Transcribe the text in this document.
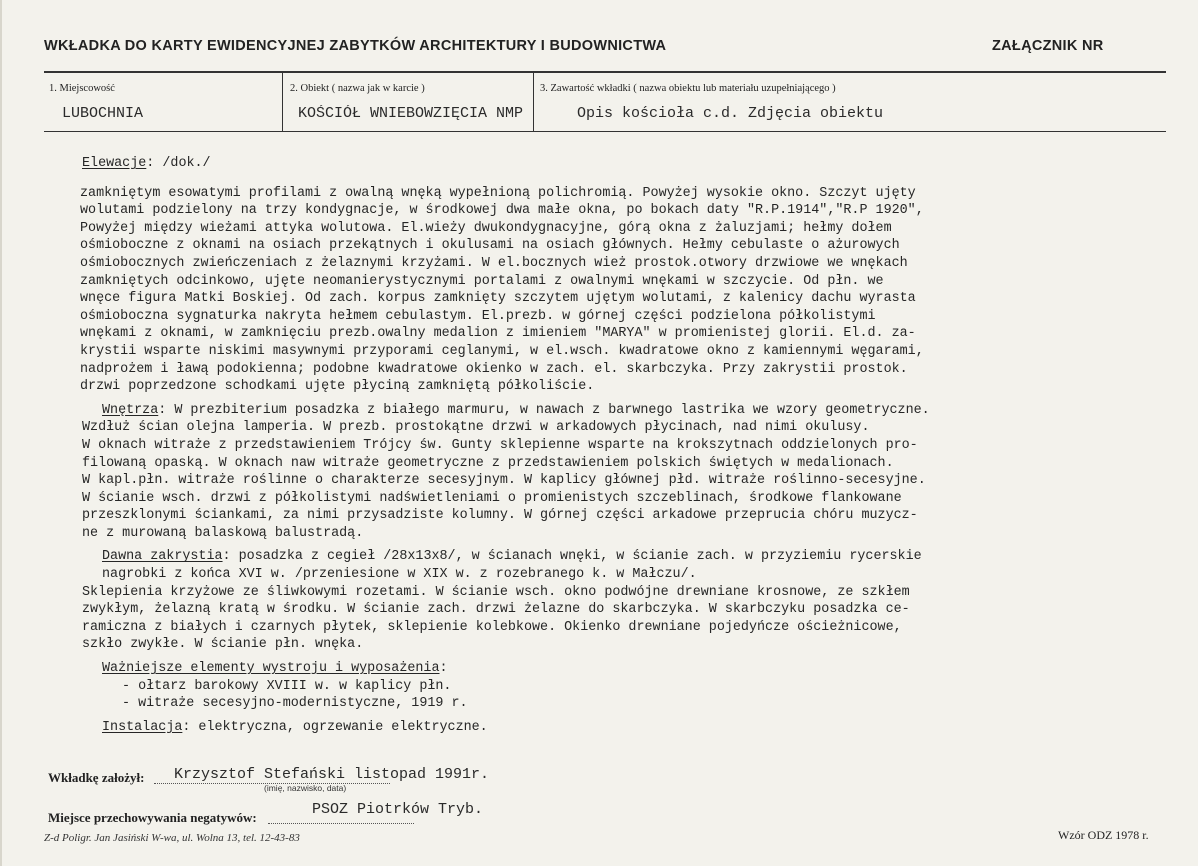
WKŁADKA DO KARTY EWIDENCYJNEJ ZABYTKÓW ARCHITEKTURY I BUDOWNICTWA	ZAŁĄCZNIK NR
1. Miejscowość
LUBOCHNIA
2. Obiekt ( nazwa jak w karcie )
KOŚCIÓŁ WNIEBOWZIĘCIA NMP
3. Zawartość wkładki ( nazwa obiektu lub materiału uzupełniającego )
Opis kościoła c.d. Zdjęcia obiektu
Elewacje: /dok./
zamkniętym esowatymi profilami z owalną wnęką wypełnioną polichromią. Powyżej wysokie okno. Szczyt ujęty
wolutami podzielony na trzy kondygnacje, w środkowej dwa małe okna, po bokach daty "R.P.1914","R.P 1920",
Powyżej między wieżami attyka wolutowa. El.wieży dwukondygnacyjne, górą okna z żaluzjami; hełmy dołem
ośmioboczne z oknami na osiach przekątnych i okulusami na osiach głównych. Hełmy cebulaste o ażurowych
ośmiobocznych zwieńczeniach z żelaznymi krzyżami. W el.bocznych wież prostok.otwory drzwiowe we wnękach
zamkniętych odcinkowo, ujęte neomanierystycznymi portalami z owalnymi wnękami w szczycie. Od płn. we
wnęce figura Matki Boskiej. Od zach. korpus zamknięty szczytem ujętym wolutami, z kalenicy dachu wyrasta
ośmioboczna sygnaturka nakryta hełmem cebulastym. El.prezb. w górnej części podzielona półkolistymi
wnękami z oknami, w zamknięciu prezb.owalny medalion z imieniem "MARYA" w promienistej glorii. El.d. za-
krystii wsparte niskimi masywnymi przyporami ceglanymi, w el.wsch. kwadratowe okno z kamiennymi węgarami,
nadprożem i ławą podokienna; podobne kwadratowe okienko w zach. el. skarbczyka. Przy zakrystii prostok.
drzwi poprzedzone schodkami ujęte płyciną zamkniętą półkoliście.
Wnętrza: W prezbiterium posadzka z białego marmuru, w nawach z barwnego lastrika we wzory geometryczne.
Wzdłuż ścian olejna lamperia. W prezb. prostokątne drzwi w arkadowych płycinach, nad nimi okulusy.
W oknach witraże z przedstawieniem Trójcy św. Gunty sklepienne wsparte na krokszytnach oddzielonych pro-
filowaną opaską. W oknach naw witraże geometryczne z przedstawieniem polskich świętych w medalionach.
W kapl.płn. witraże roślinne o charakterze secesyjnym. W kaplicy głównej płd. witraże roślinno-secesyjne.
W ścianie wsch. drzwi z półkolistymi nadświetleniami o promienistych szczeblinach, środkowe flankowane
przeszklonymi ściankami, za nimi przysadziste kolumny. W górnej części arkadowe przeprucia chóru muzycz-
ne z murowaną balaskową balustradą.
Dawna zakrystia: posadzka z cegieł /28x13x8/, w ścianach wnęki, w ścianie zach. w przyziemiu rycerskie
nagrobki z końca XVI w. /przeniesione w XIX w. z rozebranego k. w Małczu/.
Sklepienia krzyżowe ze śliwkowymi rozetami. W ścianie wsch. okno podwójne drewniane krosnowe, ze szkłem
zwykłym, żelazną kratą w środku. W ścianie zach. drzwi żelazne do skarbczyka. W skarbczyku posadzka ce-
ramiczna z białych i czarnych płytek, sklepienie kolebkowe. Okienko drewniane pojedyńcze ościeżnicowe,
szkło zwykłe. W ścianie płn. wnęka.
Ważniejsze elementy wystroju i wyposażenia:
- ołtarz barokowy XVIII w. w kaplicy płn.
- witraże secesyjno-modernistyczne, 1919 r.
Instalacja: elektryczna, ogrzewanie elektryczne.
Wkładkę założył: Krzysztof Stefański listopad 1991r.
(imię, nazwisko, data)
Miejsce przechowywania negatywów:	PSOZ Piotrków Tryb.
Z-d Poligr. Jan Jasiński W-wa, ul. Wolna 13, tel. 12-43-83	Wzór ODZ 1978 r.
